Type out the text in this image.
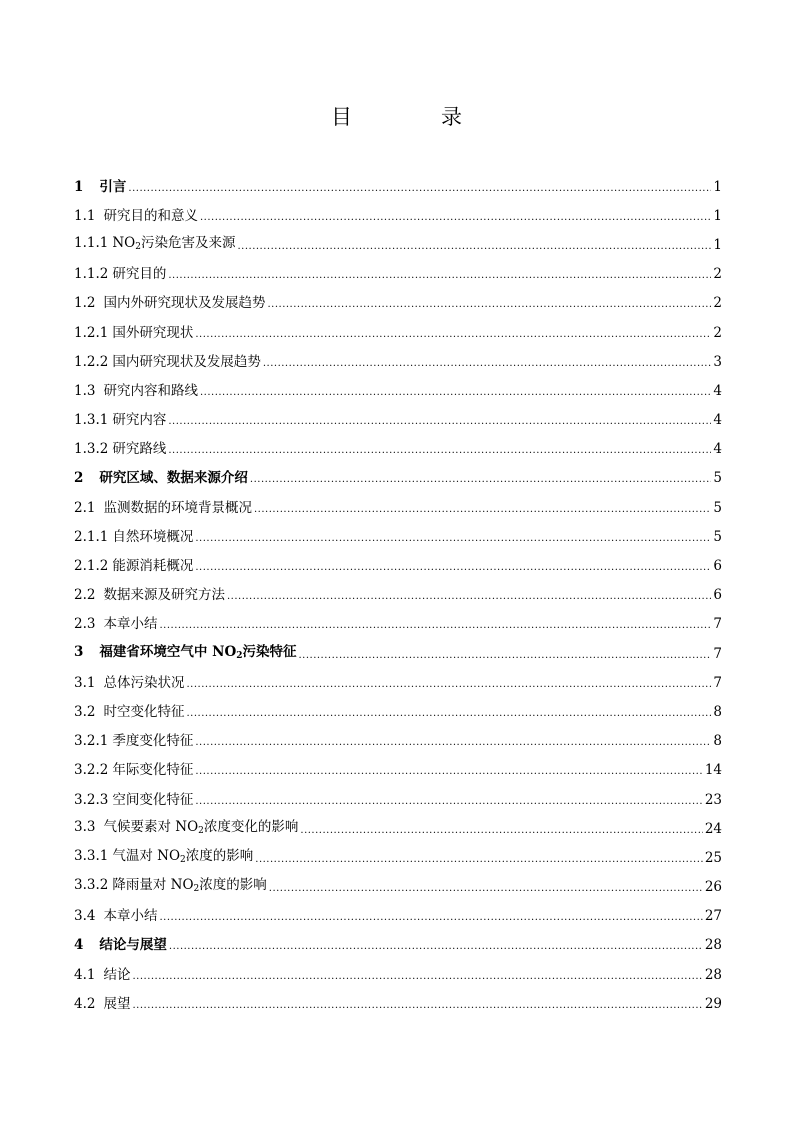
目　录
1 引言 .....	1
1.1 研究目的和意义 .....	1
1.1.1 $NO_2$污染危害及来源 .....	1
1.1.2 研究目的 .....	2
1.2 国内外研究现状及发展趋势 .....	2
1.2.1 国外研究现状 .....	2
1.2.2 国内研究现状及发展趋势 .....	3
1.3 研究内容和路线 .....	4
1.3.1 研究内容 .....	4
1.3.2 研究路线 .....	4
2 研究区域、数据来源介绍 .....	5
2.1 监测数据的环境背景概况 .....	5
2.1.1 自然环境概况 .....	5
2.1.2 能源消耗概况 .....	6
2.2 数据来源及研究方法 .....	6
2.3 本章小结 .....	7
3 福建省环境空气中 $NO_2$污染特征 .....	7
3.1 总体污染状况 .....	7
3.2 时空变化特征 .....	8
3.2.1 季度变化特征 .....	8
3.2.2 年际变化特征 .....	14
3.2.3 空间变化特征 .....	23
3.3 气候要素对 $NO_2$浓度变化的影响 .....	24
3.3.1 气温对 $NO_2$浓度的影响 .....	25
3.3.2 降雨量对 $NO_2$浓度的影响 .....	26
3.4 本章小结 .....	27
4 结论与展望 .....	28
4.1 结论 .....	28
4.2 展望 .....	29
